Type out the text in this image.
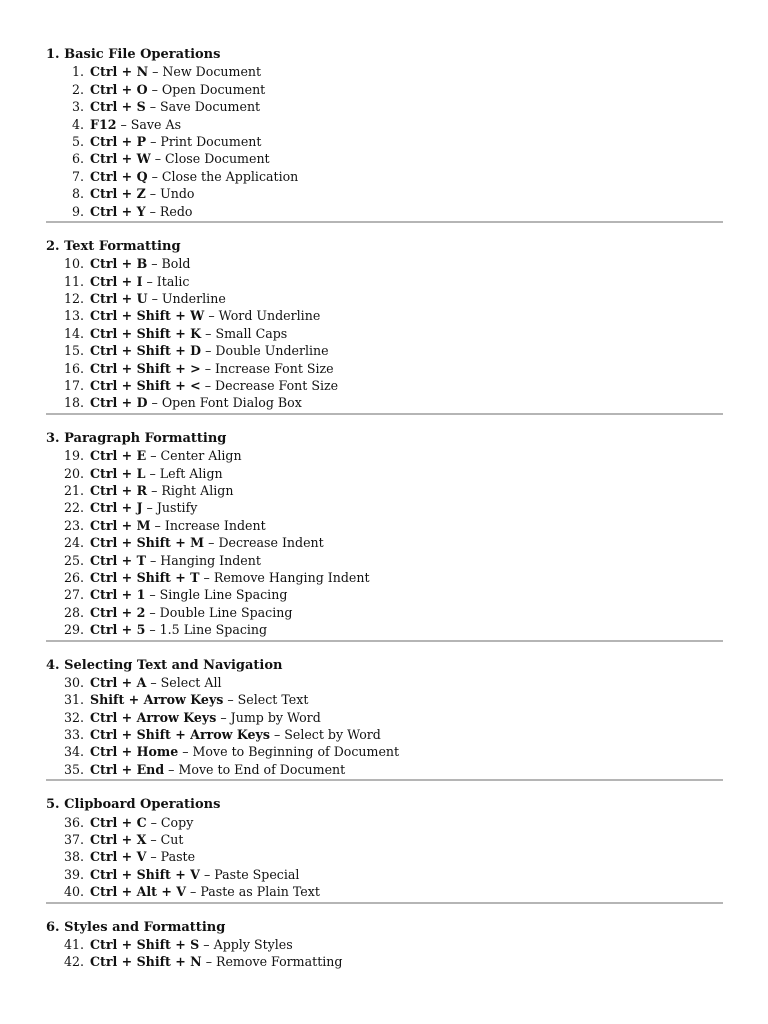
1. Basic File Operations
1. Ctrl + N – New Document
2. Ctrl + O – Open Document
3. Ctrl + S – Save Document
4. F12 – Save As
5. Ctrl + P – Print Document
6. Ctrl + W – Close Document
7. Ctrl + Q – Close the Application
8. Ctrl + Z – Undo
9. Ctrl + Y – Redo
2. Text Formatting
10. Ctrl + B – Bold
11. Ctrl + I – Italic
12. Ctrl + U – Underline
13. Ctrl + Shift + W – Word Underline
14. Ctrl + Shift + K – Small Caps
15. Ctrl + Shift + D – Double Underline
16. Ctrl + Shift + > – Increase Font Size
17. Ctrl + Shift + < – Decrease Font Size
18. Ctrl + D – Open Font Dialog Box
3. Paragraph Formatting
19. Ctrl + E – Center Align
20. Ctrl + L – Left Align
21. Ctrl + R – Right Align
22. Ctrl + J – Justify
23. Ctrl + M – Increase Indent
24. Ctrl + Shift + M – Decrease Indent
25. Ctrl + T – Hanging Indent
26. Ctrl + Shift + T – Remove Hanging Indent
27. Ctrl + 1 – Single Line Spacing
28. Ctrl + 2 – Double Line Spacing
29. Ctrl + 5 – 1.5 Line Spacing
4. Selecting Text and Navigation
30. Ctrl + A – Select All
31. Shift + Arrow Keys – Select Text
32. Ctrl + Arrow Keys – Jump by Word
33. Ctrl + Shift + Arrow Keys – Select by Word
34. Ctrl + Home – Move to Beginning of Document
35. Ctrl + End – Move to End of Document
5. Clipboard Operations
36. Ctrl + C – Copy
37. Ctrl + X – Cut
38. Ctrl + V – Paste
39. Ctrl + Shift + V – Paste Special
40. Ctrl + Alt + V – Paste as Plain Text
6. Styles and Formatting
41. Ctrl + Shift + S – Apply Styles
42. Ctrl + Shift + N – Remove Formatting
